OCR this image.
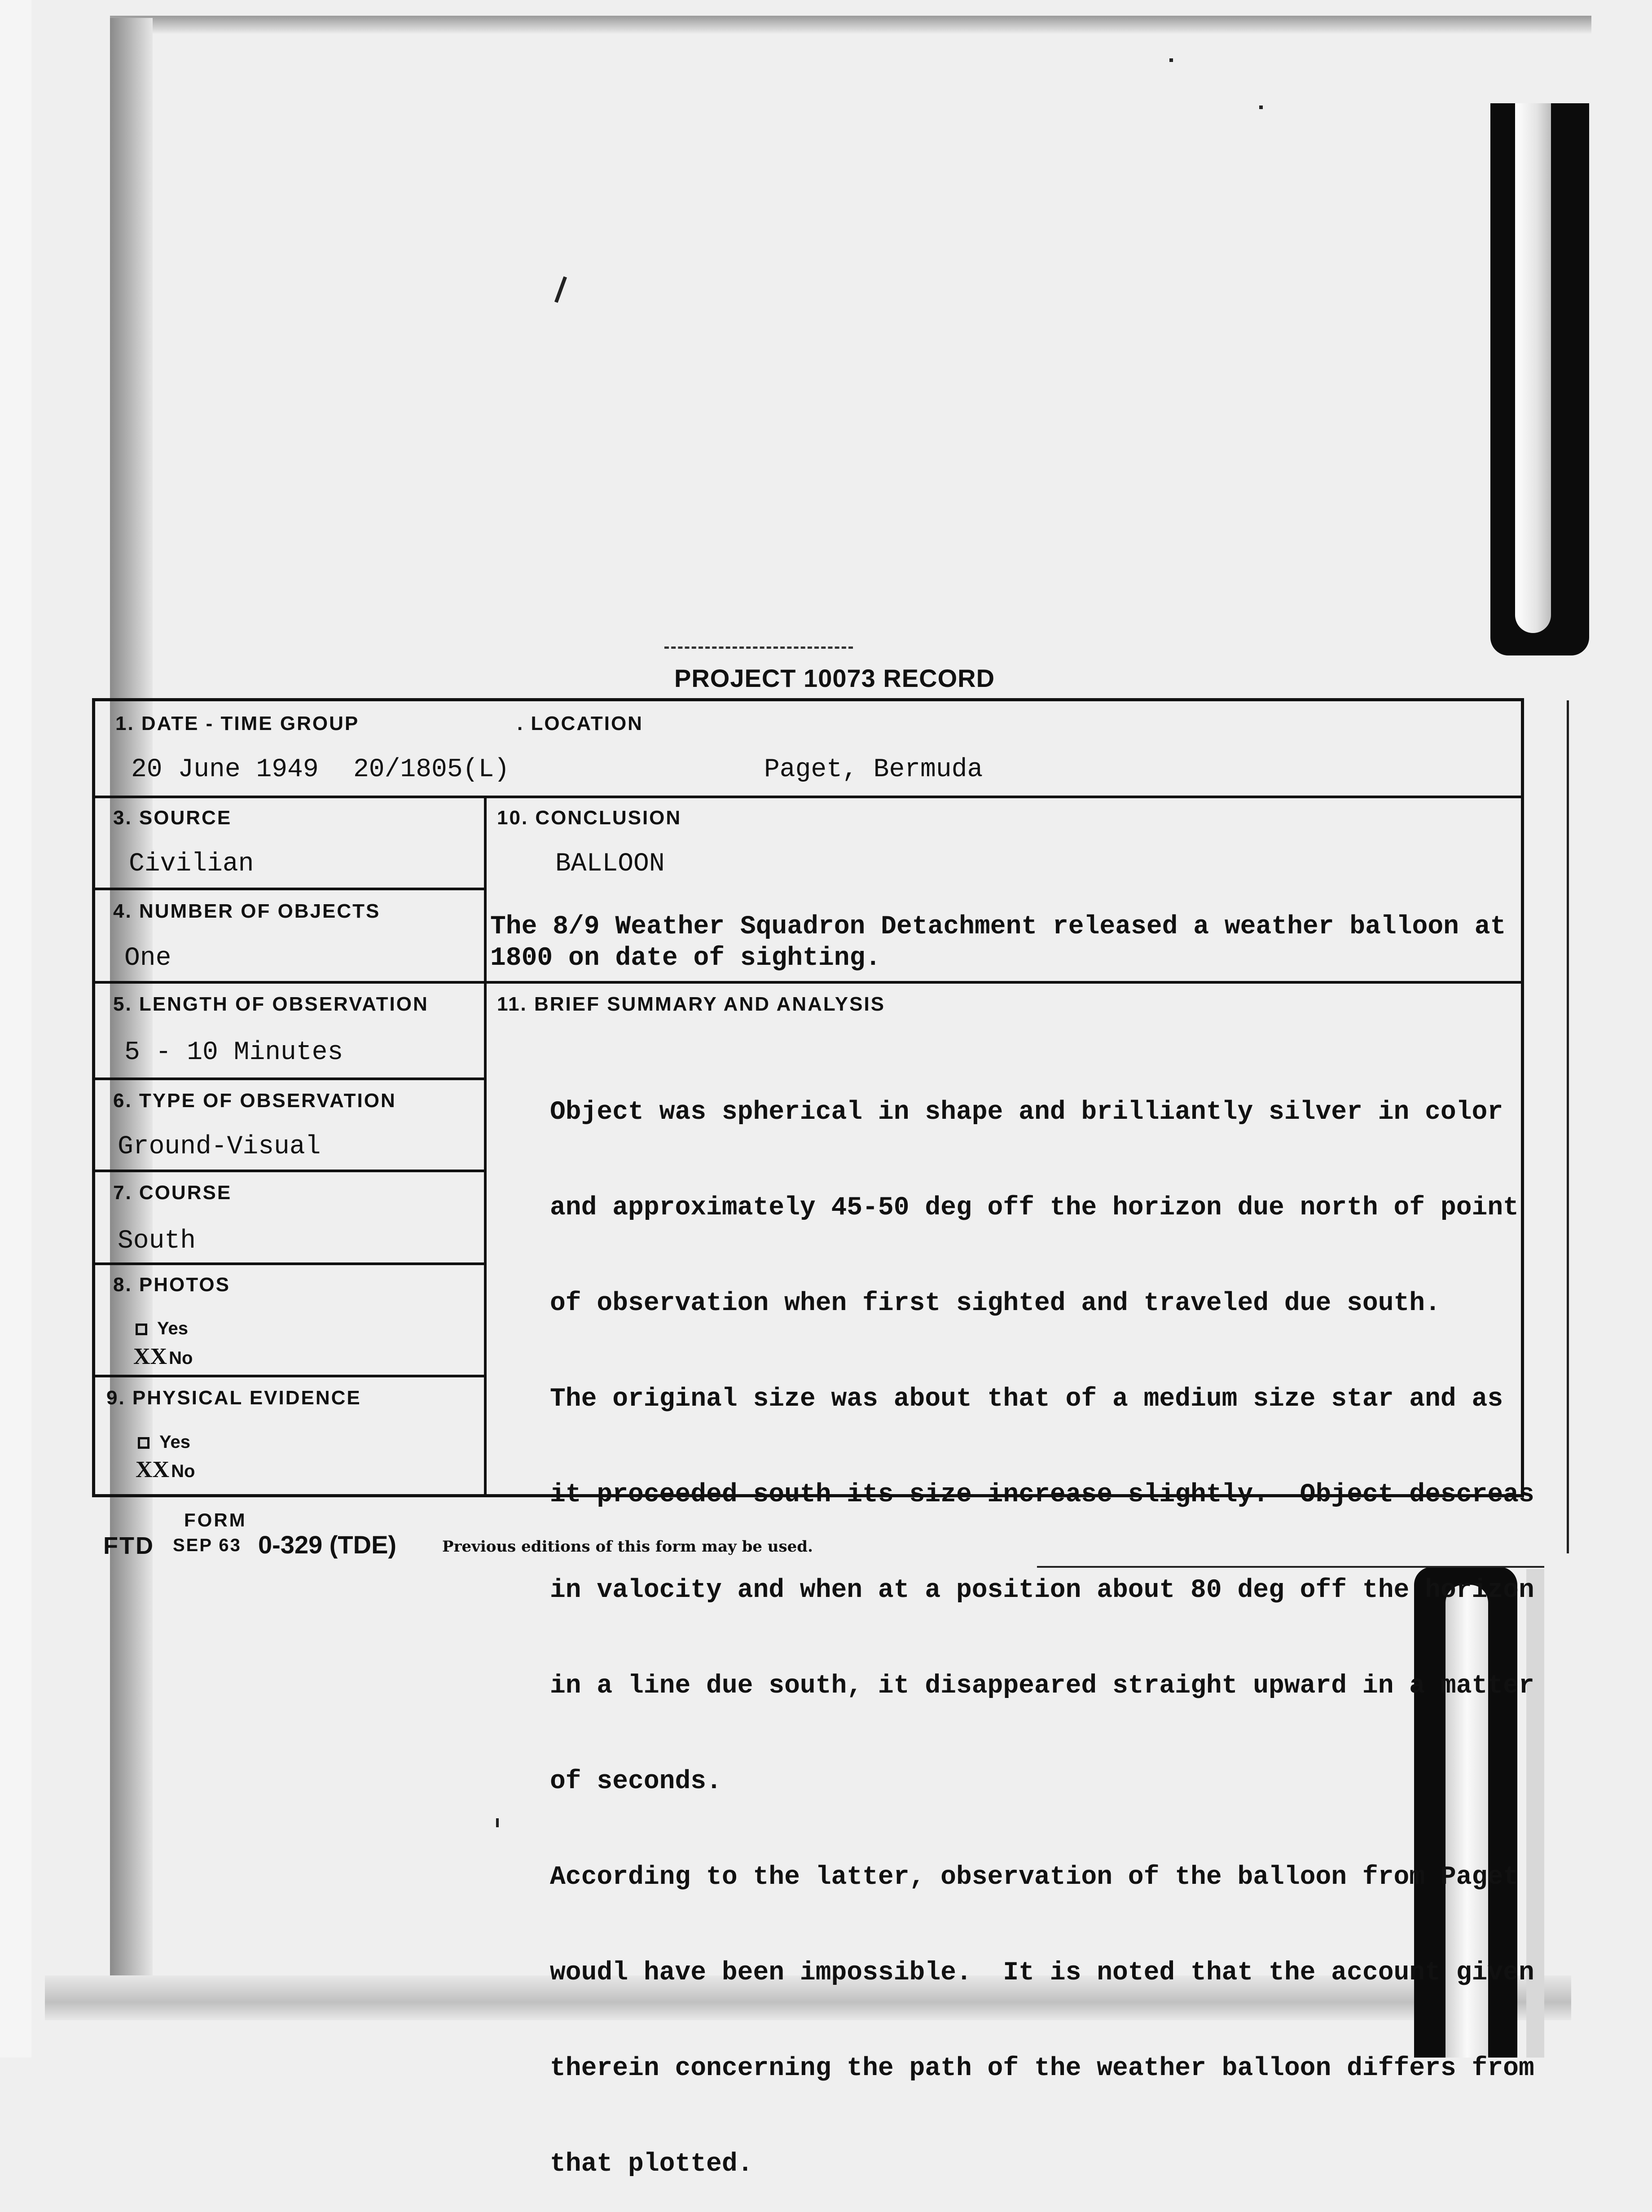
PROJECT 10073 RECORD
1. DATE - TIME GROUP
20 June 1949 20/1805(L)
. LOCATION
Paget, Bermuda
3. SOURCE
Civilian
4. NUMBER OF OBJECTS
One
10. CONCLUSION
BALLOON
The 8/9 Weather Squadron Detachment released a weather balloon at
1800 on date of sighting.
5. LENGTH OF OBSERVATION
5 - 10 Minutes
11. BRIEF SUMMARY AND ANALYSIS
6. TYPE OF OBSERVATION
Ground-Visual
7. COURSE
South
8. PHOTOS
Yes
XX No
9. PHYSICAL EVIDENCE
Yes
XX No

Object was spherical in shape and brilliantly silver in color

and approximately 45-50 deg off the horizon due north of point

of observation when first sighted and traveled due south.

The original size was about that of a medium size star and as

it proceeded south its size increase slightly.  Object descreas

in valocity and when at a position about 80 deg off the horizon

in a line due south, it disappeared straight upward in a matter

of seconds.

According to the latter, observation of the balloon from Paget

woudl have been impossible.  It is noted that the account given

therein concerning the path of the weather balloon differs from

that plotted.

FORM
FTD SEP 63 0-329 (TDE)	Previous editions of this form may be used.
